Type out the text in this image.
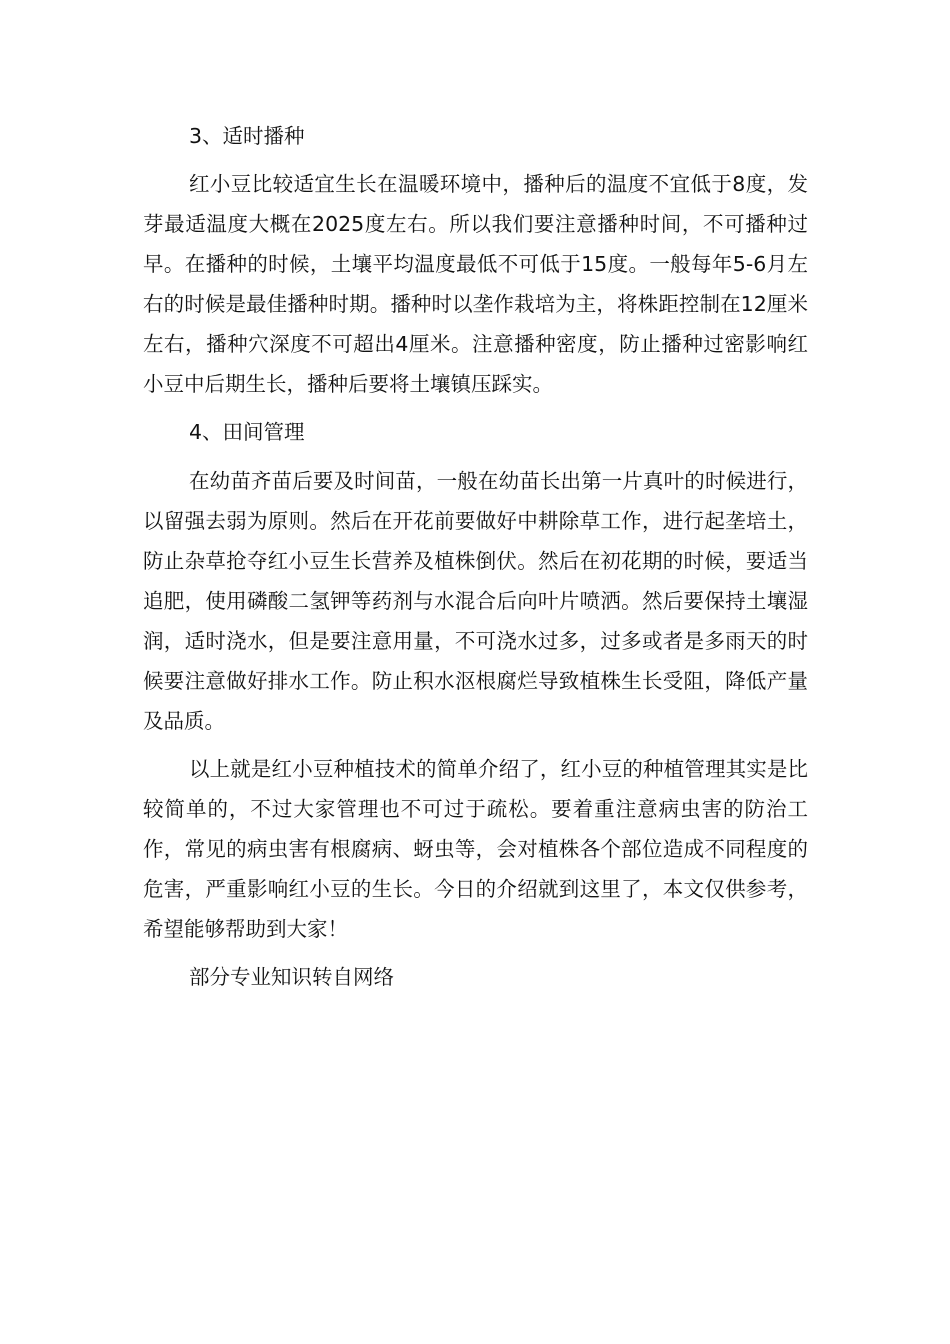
3、适时播种

红小豆比较适宜生长在温暖环境中，播种后的温度不宜低于8度，发芽最适温度大概在2025度左右。所以我们要注意播种时间，不可播种过早。在播种的时候，土壤平均温度最低不可低于15度。一般每年5-6月左右的时候是最佳播种时期。播种时以垄作栽培为主，将株距控制在12厘米左右，播种穴深度不可超出4厘米。注意播种密度，防止播种过密影响红小豆中后期生长，播种后要将土壤镇压踩实。

4、田间管理

在幼苗齐苗后要及时间苗，一般在幼苗长出第一片真叶的时候进行，以留强去弱为原则。然后在开花前要做好中耕除草工作，进行起垄培土，防止杂草抢夺红小豆生长营养及植株倒伏。然后在初花期的时候，要适当追肥，使用磷酸二氢钾等药剂与水混合后向叶片喷洒。然后要保持土壤湿润，适时浇水，但是要注意用量，不可浇水过多，过多或者是多雨天的时候要注意做好排水工作。防止积水沤根腐烂导致植株生长受阻，降低产量及品质。

以上就是红小豆种植技术的简单介绍了，红小豆的种植管理其实是比较简单的，不过大家管理也不可过于疏松。要着重注意病虫害的防治工作，常见的病虫害有根腐病、蚜虫等，会对植株各个部位造成不同程度的危害，严重影响红小豆的生长。今日的介绍就到这里了，本文仅供参考，希望能够帮助到大家！

部分专业知识转自网络
